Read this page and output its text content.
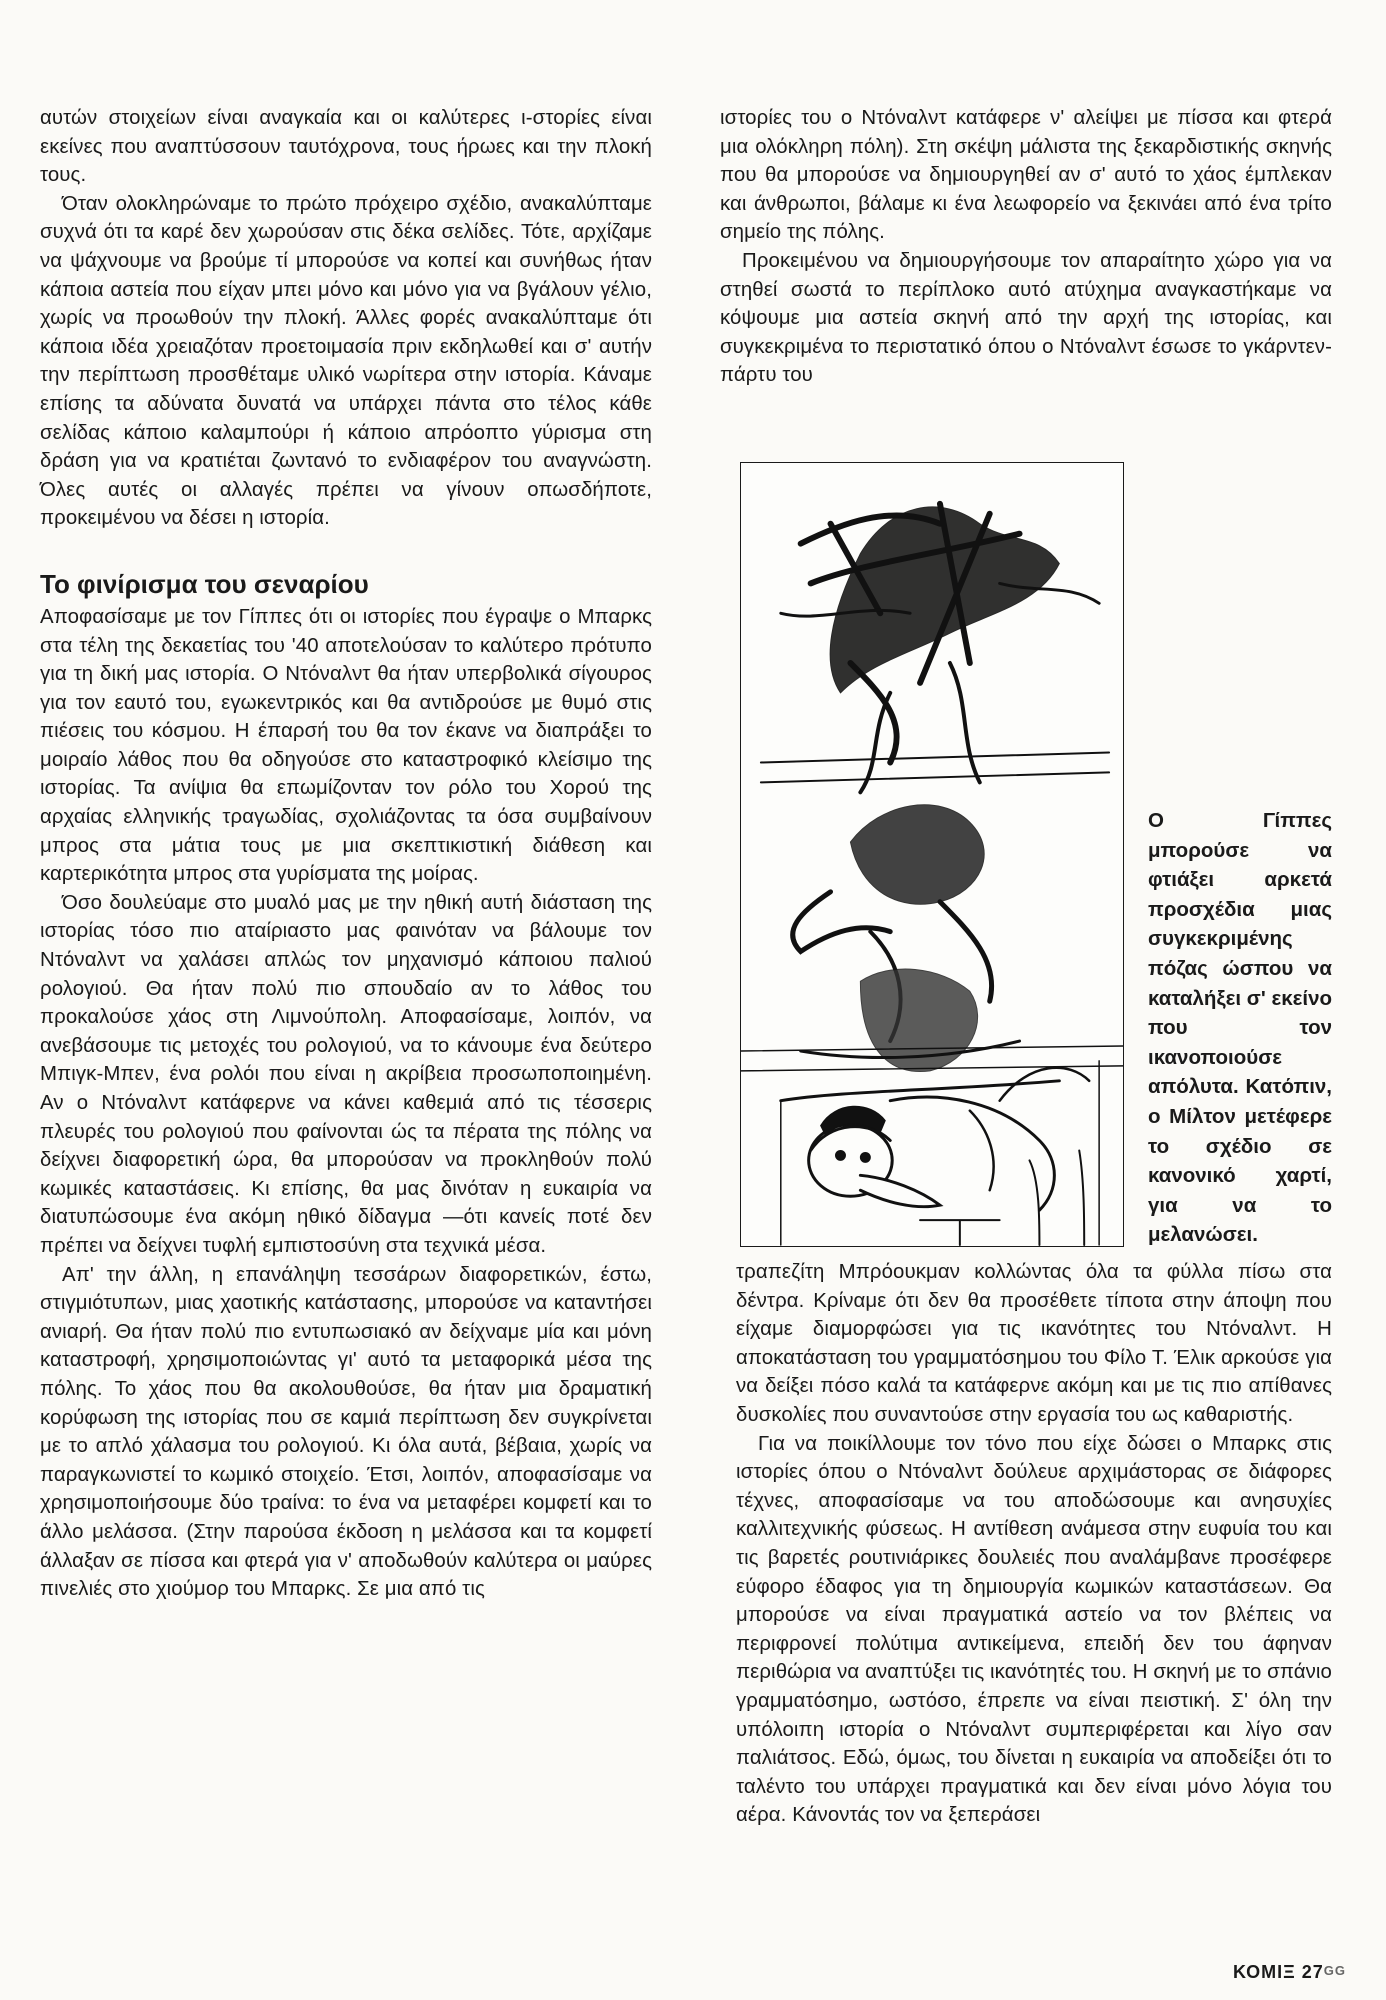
αυτών στοιχείων είναι αναγκαία και οι καλύτερες ι-στορίες είναι εκείνες που αναπτύσσουν ταυτόχρονα, τους ήρωες και την πλοκή τους.

Όταν ολοκληρώναμε το πρώτο πρόχειρο σχέδιο, ανακαλύπταμε συχνά ότι τα καρέ δεν χωρούσαν στις δέκα σελίδες. Τότε, αρχίζαμε να ψάχνουμε να βρούμε τί μπορούσε να κοπεί και συνήθως ήταν κάποια αστεία που είχαν μπει μόνο και μόνο για να βγάλουν γέλιο, χωρίς να προωθούν την πλοκή. Άλλες φορές ανακαλύπταμε ότι κάποια ιδέα χρειαζόταν προετοιμασία πριν εκδηλωθεί και σ' αυτήν την περίπτωση προσθέταμε υλικό νωρίτερα στην ιστορία. Κάναμε επίσης τα αδύνατα δυνατά να υπάρχει πάντα στο τέλος κάθε σελίδας κάποιο καλαμπούρι ή κάποιο απρόοπτο γύρισμα στη δράση για να κρατιέται ζωντανό το ενδιαφέρον του αναγνώστη. Όλες αυτές οι αλλαγές πρέπει να γίνουν οπωσδήποτε, προκειμένου να δέσει η ιστορία.

Το φινίρισμα του σεναρίου

Αποφασίσαμε με τον Γίππες ότι οι ιστορίες που έγραψε ο Μπαρκς στα τέλη της δεκαετίας του '40 αποτελούσαν το καλύτερο πρότυπο για τη δική μας ιστορία. Ο Ντόναλντ θα ήταν υπερβολικά σίγουρος για τον εαυτό του, εγωκεντρικός και θα αντιδρούσε με θυμό στις πιέσεις του κόσμου. Η έπαρσή του θα τον έκανε να διαπράξει το μοιραίο λάθος που θα οδηγούσε στο καταστροφικό κλείσιμο της ιστορίας. Τα ανίψια θα επωμίζονταν τον ρόλο του Χορού της αρχαίας ελληνικής τραγωδίας, σχολιάζοντας τα όσα συμβαίνουν μπρος στα μάτια τους με μια σκεπτικιστική διάθεση και καρτερικότητα μπρος στα γυρίσματα της μοίρας.

Όσο δουλεύαμε στο μυαλό μας με την ηθική αυτή διάσταση της ιστορίας τόσο πιο αταίριαστο μας φαινόταν να βάλουμε τον Ντόναλντ να χαλάσει απλώς τον μηχανισμό κάποιου παλιού ρολογιού. Θα ήταν πολύ πιο σπουδαίο αν το λάθος του προκαλούσε χάος στη Λιμνούπολη. Αποφασίσαμε, λοιπόν, να ανεβάσουμε τις μετοχές του ρολογιού, να το κάνουμε ένα δεύτερο Μπιγκ-Μπεν, ένα ρολόι που είναι η ακρίβεια προσωποποιημένη. Αν ο Ντόναλντ κατάφερνε να κάνει καθεμιά από τις τέσσερις πλευρές του ρολογιού που φαίνονται ώς τα πέρατα της πόλης να δείχνει διαφορετική ώρα, θα μπορούσαν να προκληθούν πολύ κωμικές καταστάσεις. Κι επίσης, θα μας δινόταν η ευκαιρία να διατυπώσουμε ένα ακόμη ηθικό δίδαγμα —ότι κανείς ποτέ δεν πρέπει να δείχνει τυφλή εμπιστοσύνη στα τεχνικά μέσα.

Απ' την άλλη, η επανάληψη τεσσάρων διαφορετικών, έστω, στιγμιότυπων, μιας χαοτικής κατάστασης, μπορούσε να καταντήσει ανιαρή. Θα ήταν πολύ πιο εντυπωσιακό αν δείχναμε μία και μόνη καταστροφή, χρησιμοποιώντας γι' αυτό τα μεταφορικά μέσα της πόλης. Το χάος που θα ακολουθούσε, θα ήταν μια δραματική κορύφωση της ιστορίας που σε καμιά περίπτωση δεν συγκρίνεται με το απλό χάλασμα του ρολογιού. Κι όλα αυτά, βέβαια, χωρίς να παραγκωνιστεί το κωμικό στοιχείο. Έτσι, λοιπόν, αποφασίσαμε να χρησιμοποιήσουμε δύο τραίνα: το ένα να μεταφέρει κομφετί και το άλλο μελάσσα. (Στην παρούσα έκδοση η μελάσσα και τα κομφετί άλλαξαν σε πίσσα και φτερά για ν' αποδωθούν καλύτερα οι μαύρες πινελιές στο χιούμορ του Μπαρκς. Σε μια από τις

ιστορίες του ο Ντόναλντ κατάφερε ν' αλείψει με πίσσα και φτερά μια ολόκληρη πόλη). Στη σκέψη μάλιστα της ξεκαρδιστικής σκηνής που θα μπορούσε να δημιουργηθεί αν σ' αυτό το χάος έμπλεκαν και άνθρωποι, βάλαμε κι ένα λεωφορείο να ξεκινάει από ένα τρίτο σημείο της πόλης.

Προκειμένου να δημιουργήσουμε τον απαραίτητο χώρο για να στηθεί σωστά το περίπλοκο αυτό ατύχημα αναγκαστήκαμε να κόψουμε μια αστεία σκηνή από την αρχή της ιστορίας, και συγκεκριμένα το περιστατικό όπου ο Ντόναλντ έσωσε το γκάρντεν-πάρτυ του

Ο Γίππες μπορούσε να φτιάξει αρκετά προσχέδια μιας συγκεκριμένης πόζας ώσπου να καταλήξει σ' εκείνο που τον ικανοποιούσε απόλυτα. Κατόπιν, ο Μίλτον μετέφερε το σχέδιο σε κανονικό χαρτί, για να το μελανώσει.

τραπεζίτη Μπρόουκμαν κολλώντας όλα τα φύλλα πίσω στα δέντρα. Κρίναμε ότι δεν θα προσέθετε τίποτα στην άποψη που είχαμε διαμορφώσει για τις ικανότητες του Ντόναλντ. Η αποκατάσταση του γραμματόσημου του Φίλο Τ. Έλικ αρκούσε για να δείξει πόσο καλά τα κατάφερνε ακόμη και με τις πιο απίθανες δυσκολίες που συναντούσε στην εργασία του ως καθαριστής.

Για να ποικίλλουμε τον τόνο που είχε δώσει ο Μπαρκς στις ιστορίες όπου ο Ντόναλντ δούλευε αρχιμάστορας σε διάφορες τέχνες, αποφασίσαμε να του αποδώσουμε και ανησυχίες καλλιτεχνικής φύσεως. Η αντίθεση ανάμεσα στην ευφυία του και τις βαρετές ρουτινιάρικες δουλειές που αναλάμβανε προσέφερε εύφορο έδαφος για τη δημιουργία κωμικών καταστάσεων. Θα μπορούσε να είναι πραγματικά αστείο να τον βλέπεις να περιφρονεί πολύτιμα αντικείμενα, επειδή δεν του άφηναν περιθώρια να αναπτύξει τις ικανότητές του. Η σκηνή με το σπάνιο γραμματόσημο, ωστόσο, έπρεπε να είναι πειστική. Σ' όλη την υπόλοιπη ιστορία ο Ντόναλντ συμπεριφέρεται και λίγο σαν παλιάτσος. Εδώ, όμως, του δίνεται η ευκαιρία να αποδείξει ότι το ταλέντο του υπάρχει πραγματικά και δεν είναι μόνο λόγια του αέρα. Κάνοντάς τον να ξεπεράσει

ΚΟΜΙΞ 27GG
